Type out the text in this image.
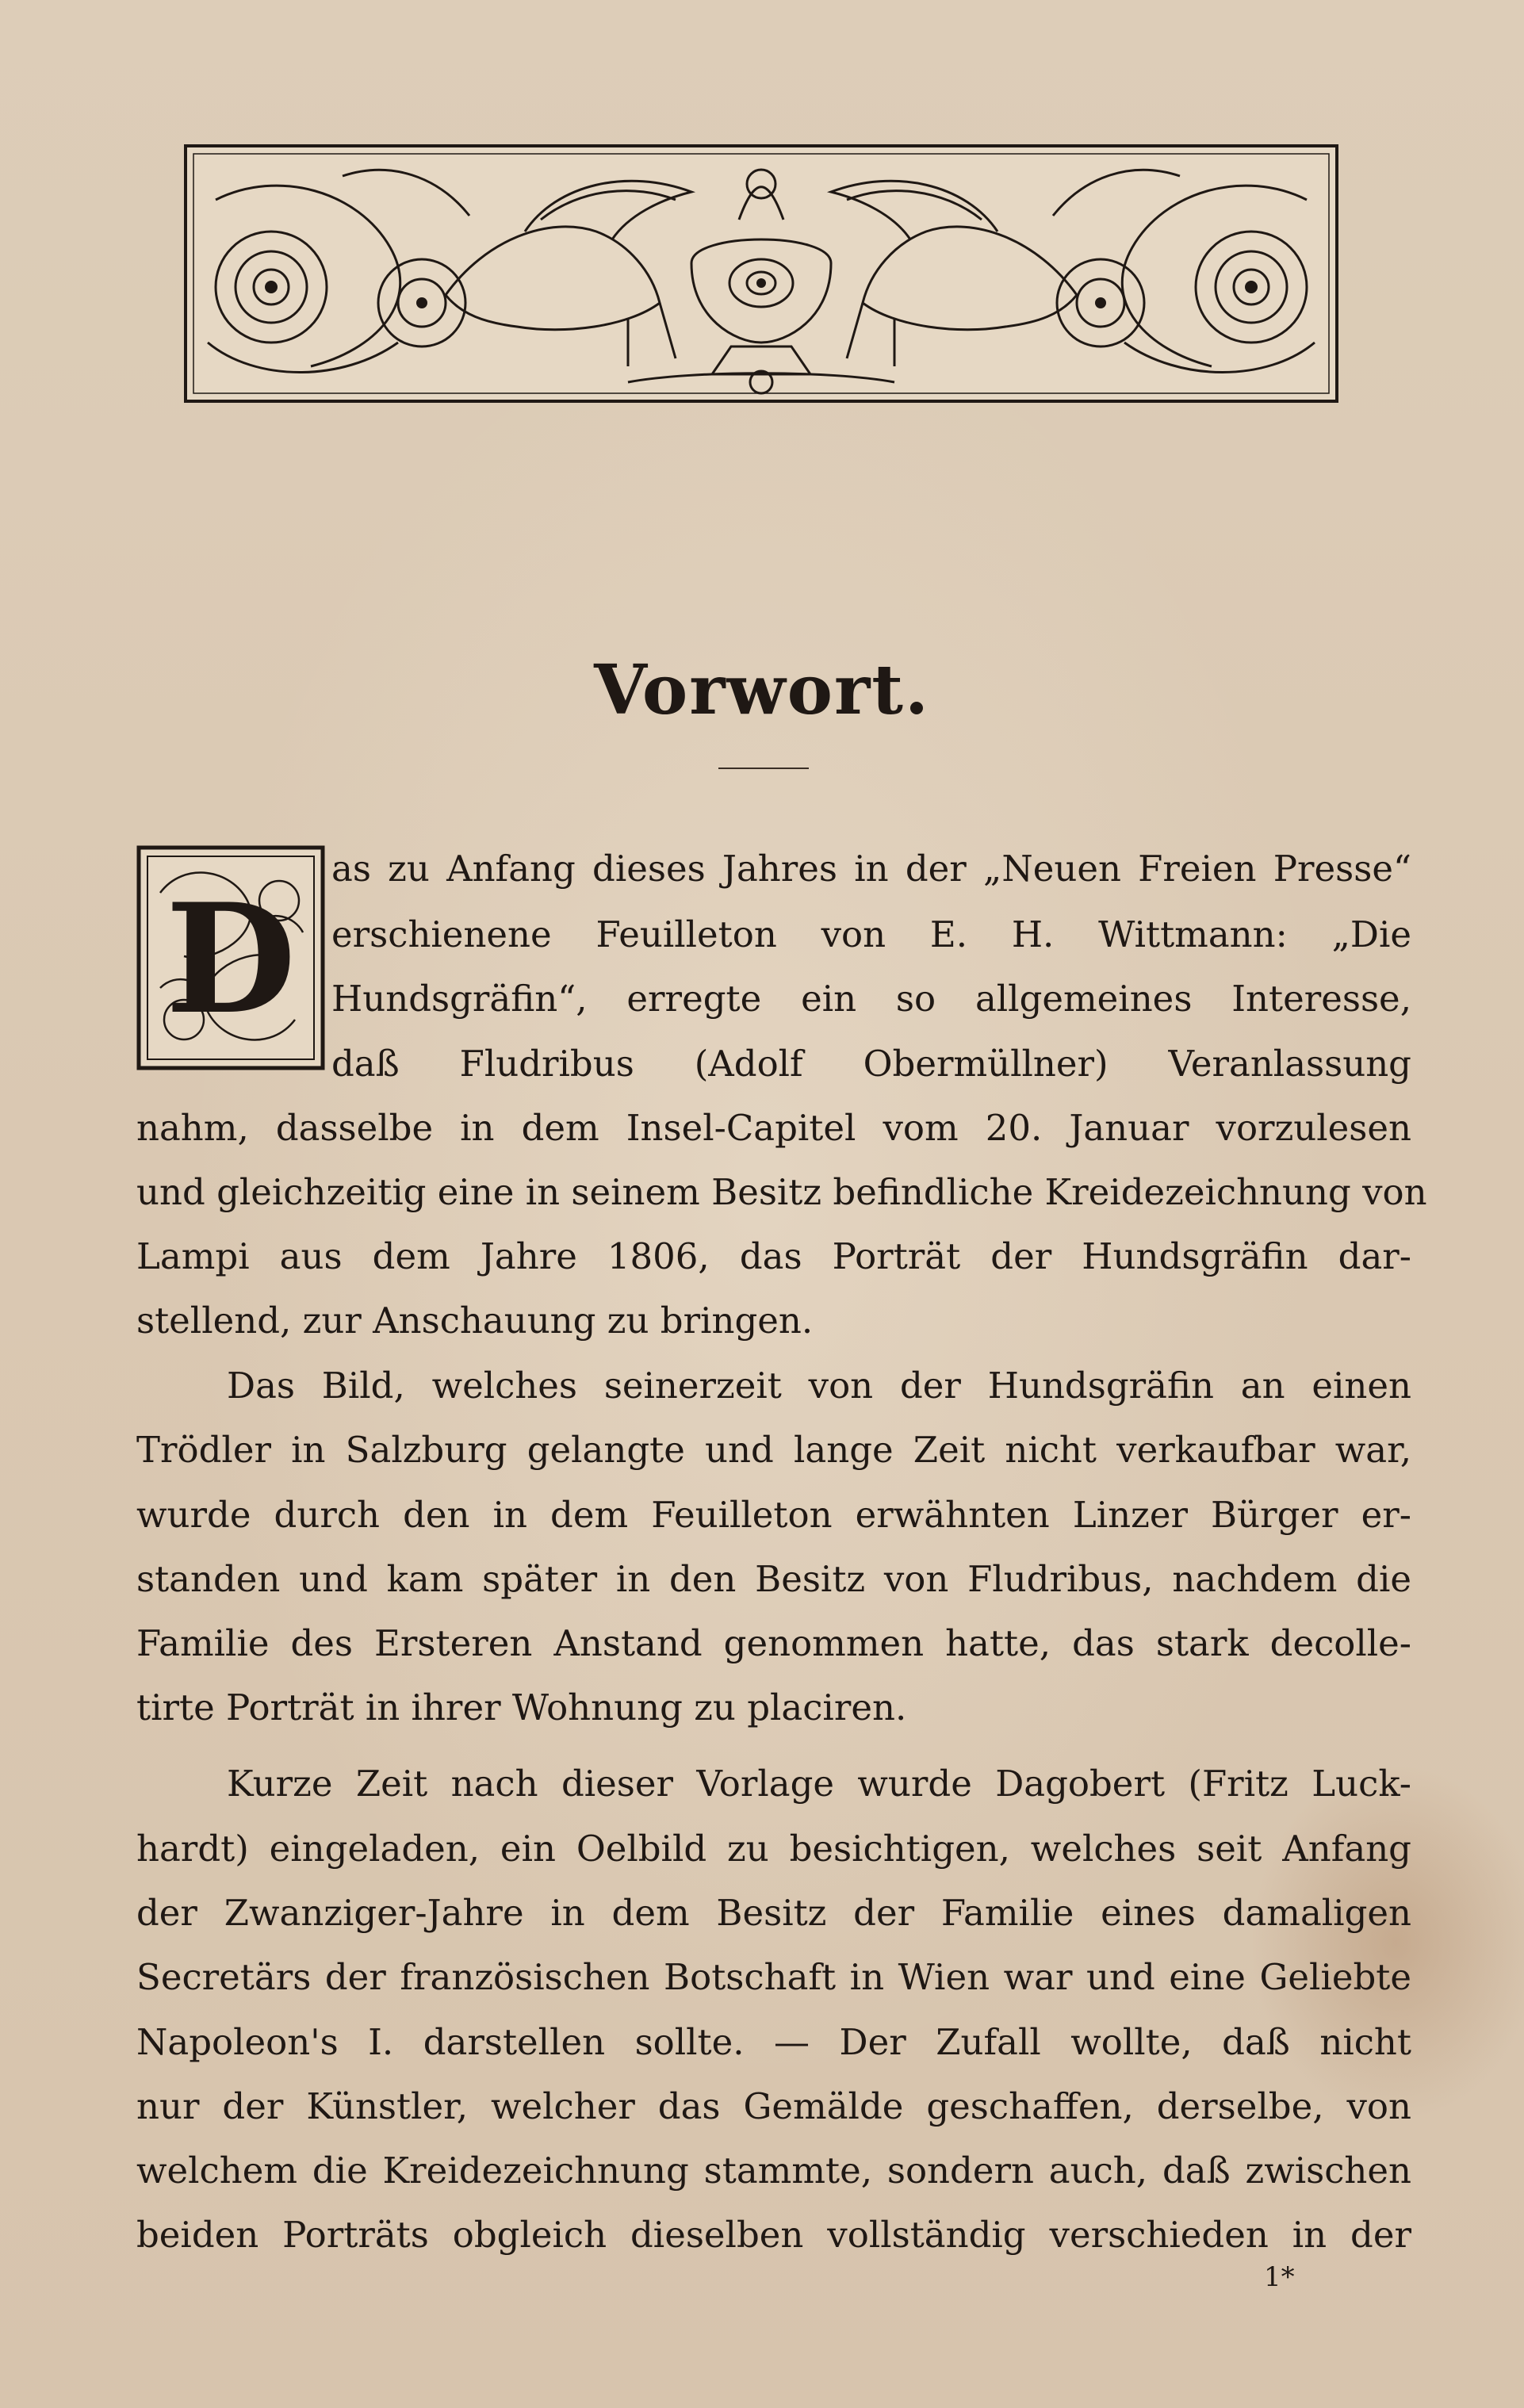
Vorwort.
D

as zu Anfang dieses Jahres in der „Neuen Freien Presse“

erschienene Feuilleton von E. H. Wittmann: „Die

Hundsgräfin“, erregte ein so allgemeines Interesse,

daß Fludribus (Adolf Obermüllner) Veranlassung

nahm, dasselbe in dem Insel-Capitel vom 20. Januar vorzulesen

und gleichzeitig eine in seinem Besitz befindliche Kreidezeichnung von

Lampi aus dem Jahre 1806, das Porträt der Hundsgräfin dar-

stellend, zur Anschauung zu bringen.

Das Bild, welches seinerzeit von der Hundsgräfin an einen

Trödler in Salzburg gelangte und lange Zeit nicht verkaufbar war,

wurde durch den in dem Feuilleton erwähnten Linzer Bürger er-

standen und kam später in den Besitz von Fludribus, nachdem die

Familie des Ersteren Anstand genommen hatte, das stark decolle-

tirte Porträt in ihrer Wohnung zu placiren.

Kurze Zeit nach dieser Vorlage wurde Dagobert (Fritz Luck-

hardt) eingeladen, ein Oelbild zu besichtigen, welches seit Anfang

der Zwanziger-Jahre in dem Besitz der Familie eines damaligen

Secretärs der französischen Botschaft in Wien war und eine Geliebte

Napoleon's I. darstellen sollte. — Der Zufall wollte, daß nicht

nur der Künstler, welcher das Gemälde geschaffen, derselbe, von

welchem die Kreidezeichnung stammte, sondern auch, daß zwischen

beiden Porträts obgleich dieselben vollständig verschieden in der

1*
